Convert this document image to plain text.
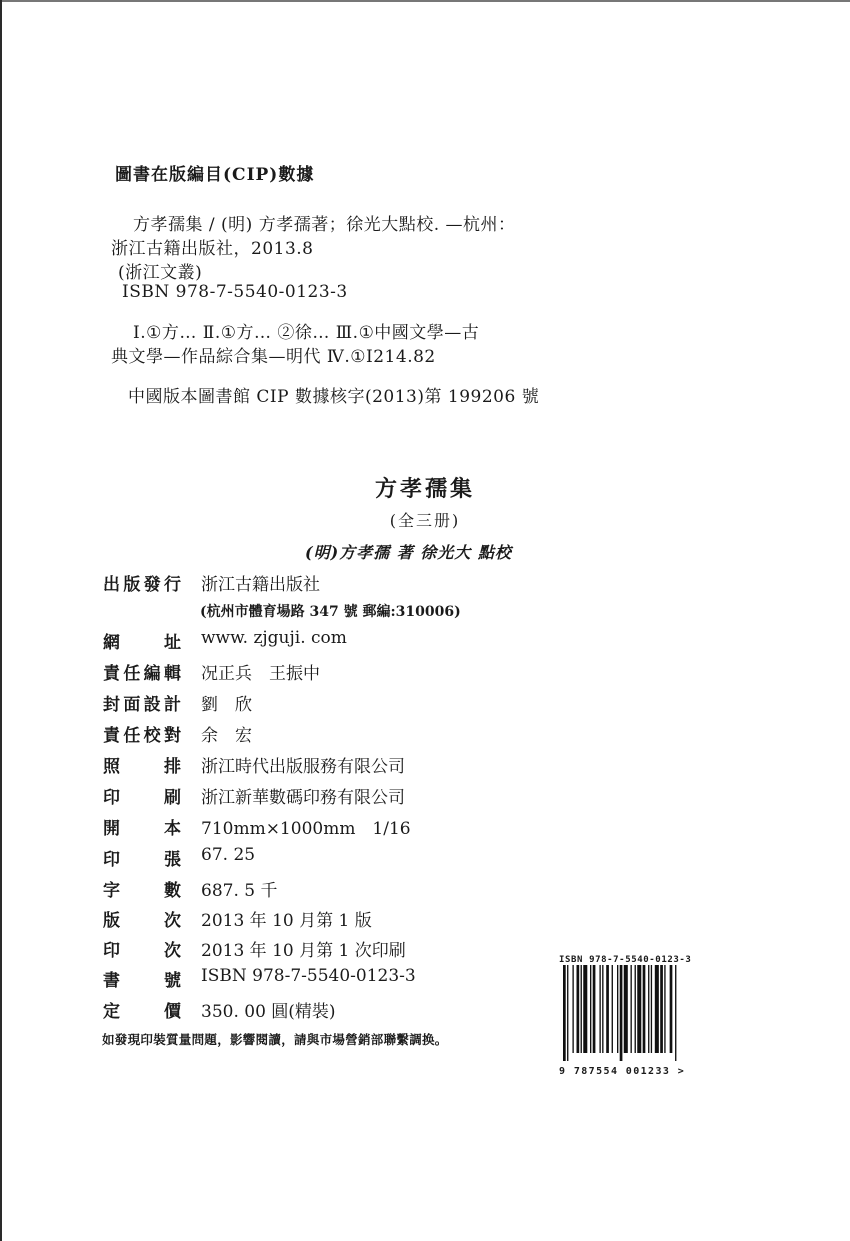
圖書在版編目(CIP)數據
方孝孺集 / (明) 方孝孺著；徐光大點校. —杭州：
浙江古籍出版社，2013.8
(浙江文叢)
ISBN 978-7-5540-0123-3
Ⅰ.①方… Ⅱ.①方… ②徐… Ⅲ.①中國文學—古
典文學—作品綜合集—明代 Ⅳ.①I214.82
中國版本圖書館 CIP 數據核字(2013)第 199206 號
方孝孺集
(全三册)
(明)方孝孺 著 徐光大 點校
出版發行 浙江古籍出版社
(杭州市體育場路 347 號 郵編:310006)
網　　址 www. zjguji. com
責任編輯 况正兵　王振中
封面設計 劉　欣
責任校對 余　宏
照　　排 浙江時代出版服務有限公司
印　　刷 浙江新華數碼印務有限公司
開　　本 710mm×1000mm　1/16
印　　張 67. 25
字　　數 687. 5 千
版　　次 2013 年 10 月第 1 版
印　　次 2013 年 10 月第 1 次印刷
書　　號 ISBN 978-7-5540-0123-3
定　　價 350. 00 圓(精裝)
如發現印裝質量問題，影響閱讀，請與市場營銷部聯繫調换。
ISBN 978-7-5540-0123-3
9 787554 001233 >
